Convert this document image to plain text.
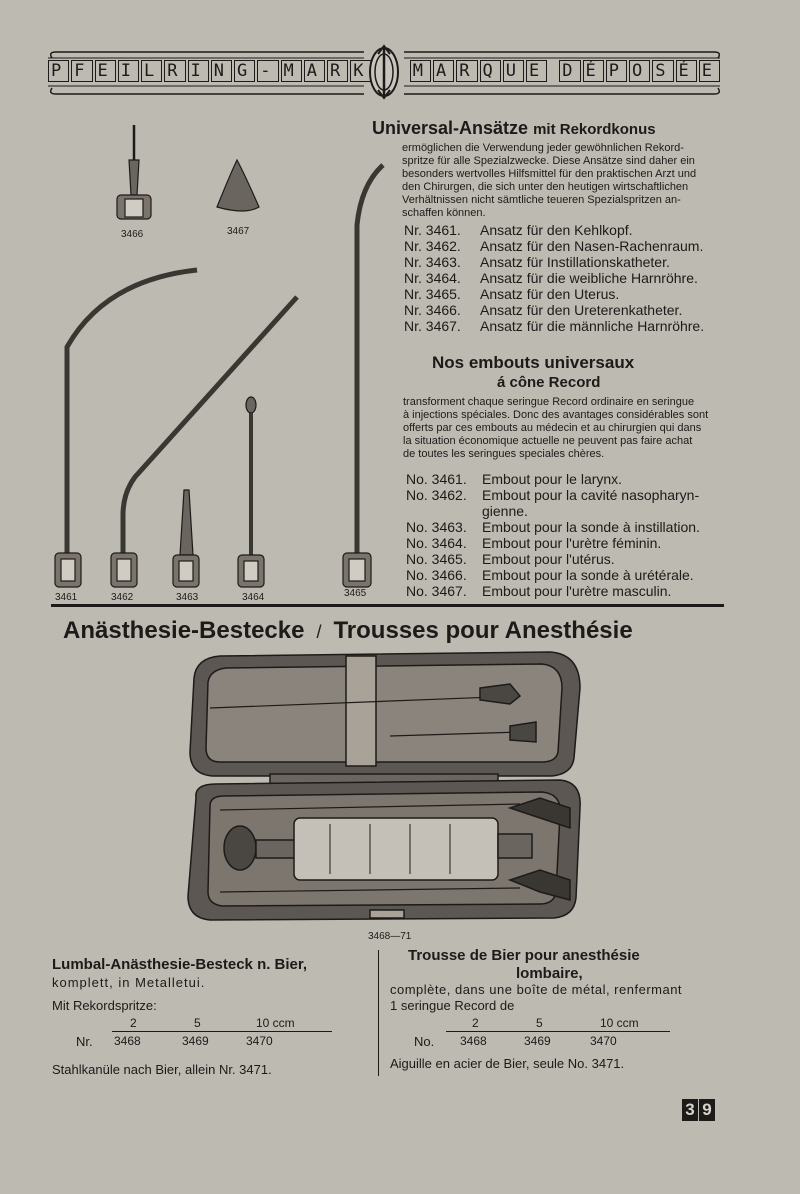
P F E I L R I N G - M A R K	M A R Q U E D É P O S É E
3466	3467
3461	3462	3463	3464	3465
Universal-Ansätze mit Rekordkonus
ermöglichen die Verwendung jeder gewöhnlichen Rekord-
spritze für alle Spezialzwecke. Diese Ansätze sind daher ein
besonders wertvolles Hilfsmittel für den praktischen Arzt und
den Chirurgen, die sich unter den heutigen wirtschaftlichen
Verhältnissen nicht sämtliche teueren Spezialspritzen an-
schaffen können.
Nr. 3461. Ansatz für den Kehlkopf.
Nr. 3462. Ansatz für den Nasen-Rachenraum.
Nr. 3463. Ansatz für Instillationskatheter.
Nr. 3464. Ansatz für die weibliche Harnröhre.
Nr. 3465. Ansatz für den Uterus.
Nr. 3466. Ansatz für den Ureterenkatheter.
Nr. 3467. Ansatz für die männliche Harnröhre.
Nos embouts universaux
á cône Record
transforment chaque seringue Record ordinaire en seringue
à injections spéciales. Donc des avantages considérables sont
offerts par ces embouts au médecin et au chirurgien qui dans
la situation économique actuelle ne peuvent pas faire achat
de toutes les seringues speciales chères.
No. 3461. Embout pour le larynx.
No. 3462. Embout pour la cavité nasopharyn-
gienne.
No. 3463. Embout pour la sonde à instillation.
No. 3464. Embout pour l'urètre féminin.
No. 3465. Embout pour l'utérus.
No. 3466. Embout pour la sonde à urétérale.
No. 3467. Embout pour l'urètre masculin.
Anästhesie-Bestecke / Trousses pour Anesthésie
3468—71
Lumbal-Anästhesie-Besteck n. Bier,
komplett, in Metalletui.
Mit Rekordspritze:
2	5	10 ccm
Nr. 3468	3469	3470
Stahlkanüle nach Bier, allein Nr. 3471.
Trousse de Bier pour anesthésie
lombaire,
complète, dans une boîte de métal, renfermant
1 seringue Record de
2	5	10 ccm
No. 3468	3469	3470
Aiguille en acier de Bier, seule No. 3471.
3 9
